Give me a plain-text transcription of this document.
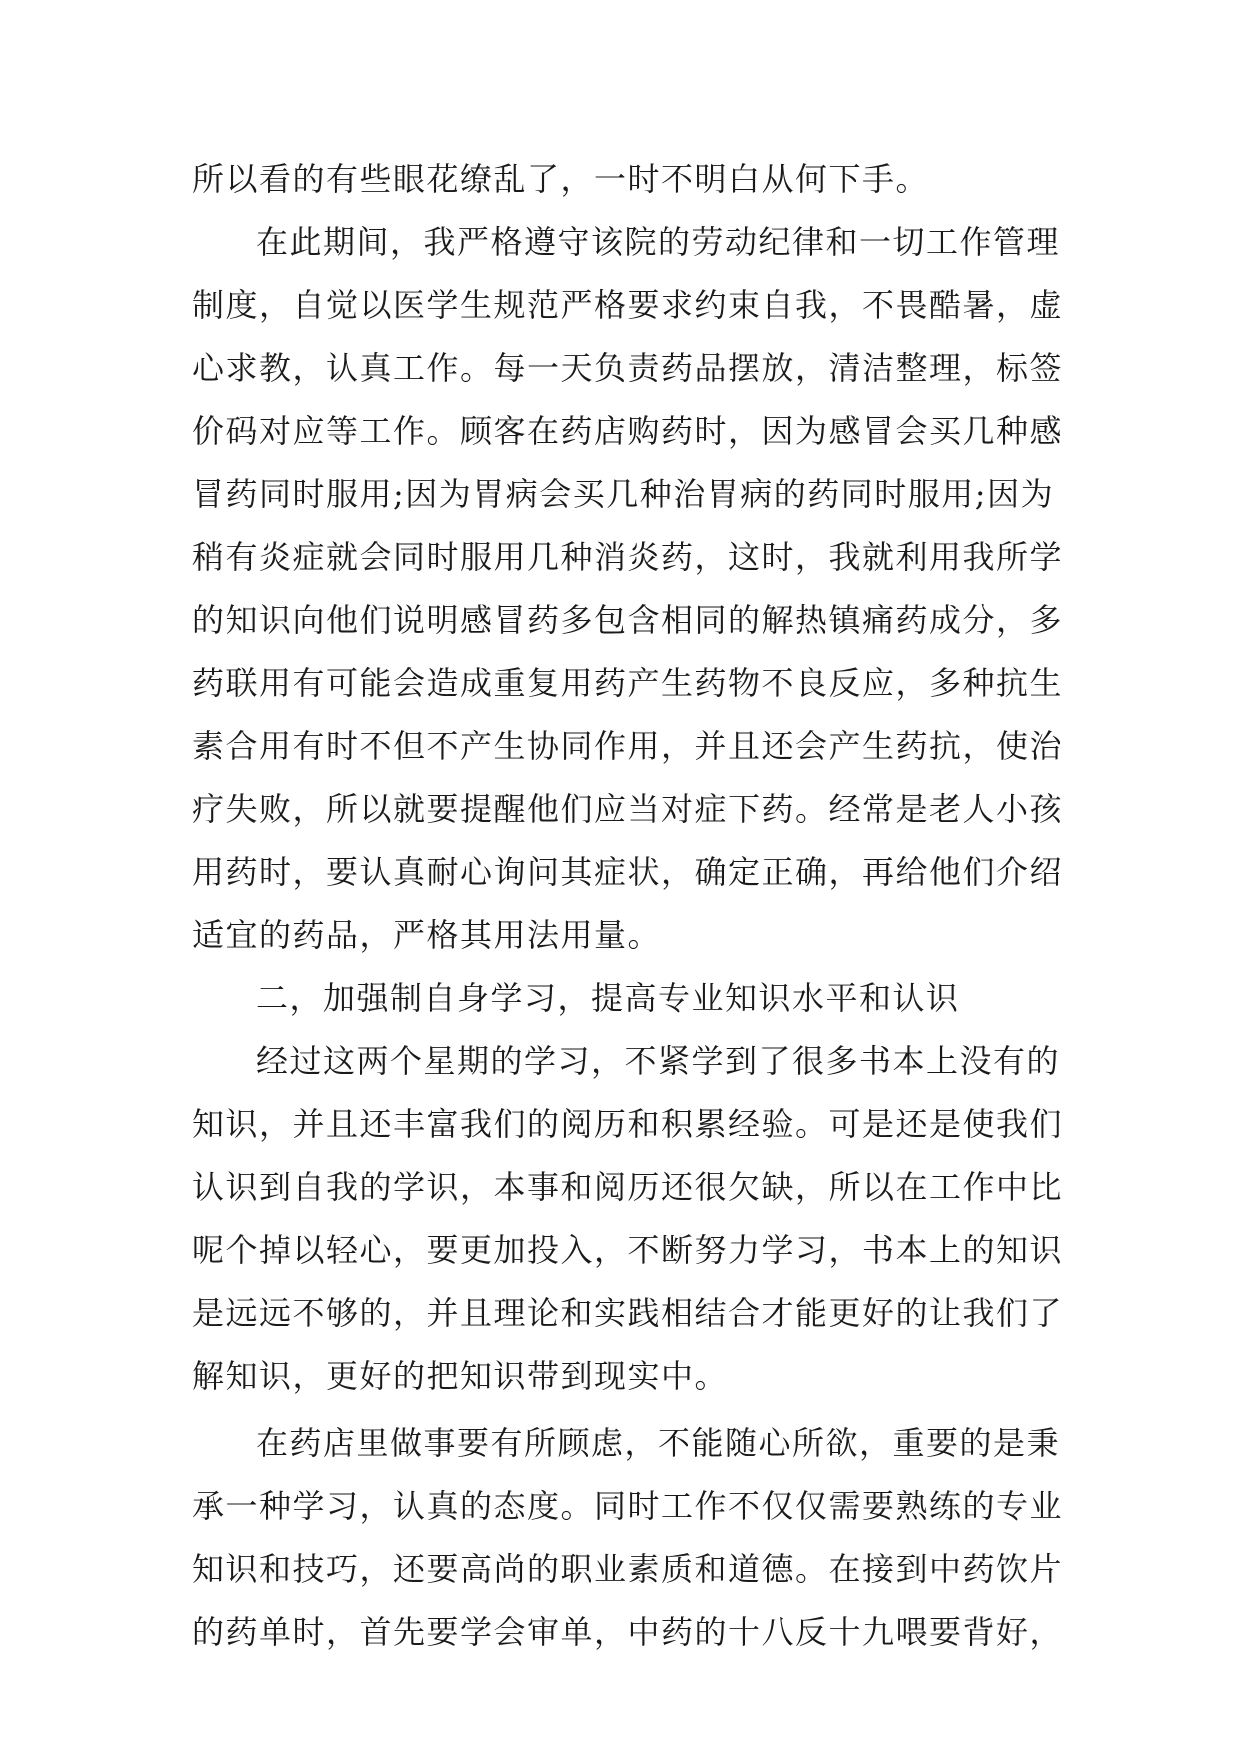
所以看的有些眼花缭乱了，一时不明白从何下手。
在此期间，我严格遵守该院的劳动纪律和一切工作管理
制度，自觉以医学生规范严格要求约束自我，不畏酷暑，虚
心求教，认真工作。每一天负责药品摆放，清洁整理，标签
价码对应等工作。顾客在药店购药时，因为感冒会买几种感
冒药同时服用;因为胃病会买几种治胃病的药同时服用;因为
稍有炎症就会同时服用几种消炎药，这时，我就利用我所学
的知识向他们说明感冒药多包含相同的解热镇痛药成分，多
药联用有可能会造成重复用药产生药物不良反应，多种抗生
素合用有时不但不产生协同作用，并且还会产生药抗，使治
疗失败，所以就要提醒他们应当对症下药。经常是老人小孩
用药时，要认真耐心询问其症状，确定正确，再给他们介绍
适宜的药品，严格其用法用量。
二，加强制自身学习，提高专业知识水平和认识
经过这两个星期的学习，不紧学到了很多书本上没有的
知识，并且还丰富我们的阅历和积累经验。可是还是使我们
认识到自我的学识，本事和阅历还很欠缺，所以在工作中比
呢个掉以轻心，要更加投入，不断努力学习，书本上的知识
是远远不够的，并且理论和实践相结合才能更好的让我们了
解知识，更好的把知识带到现实中。
在药店里做事要有所顾虑，不能随心所欲，重要的是秉
承一种学习，认真的态度。同时工作不仅仅需要熟练的专业
知识和技巧，还要高尚的职业素质和道德。在接到中药饮片
的药单时，首先要学会审单，中药的十八反十九喂要背好，
